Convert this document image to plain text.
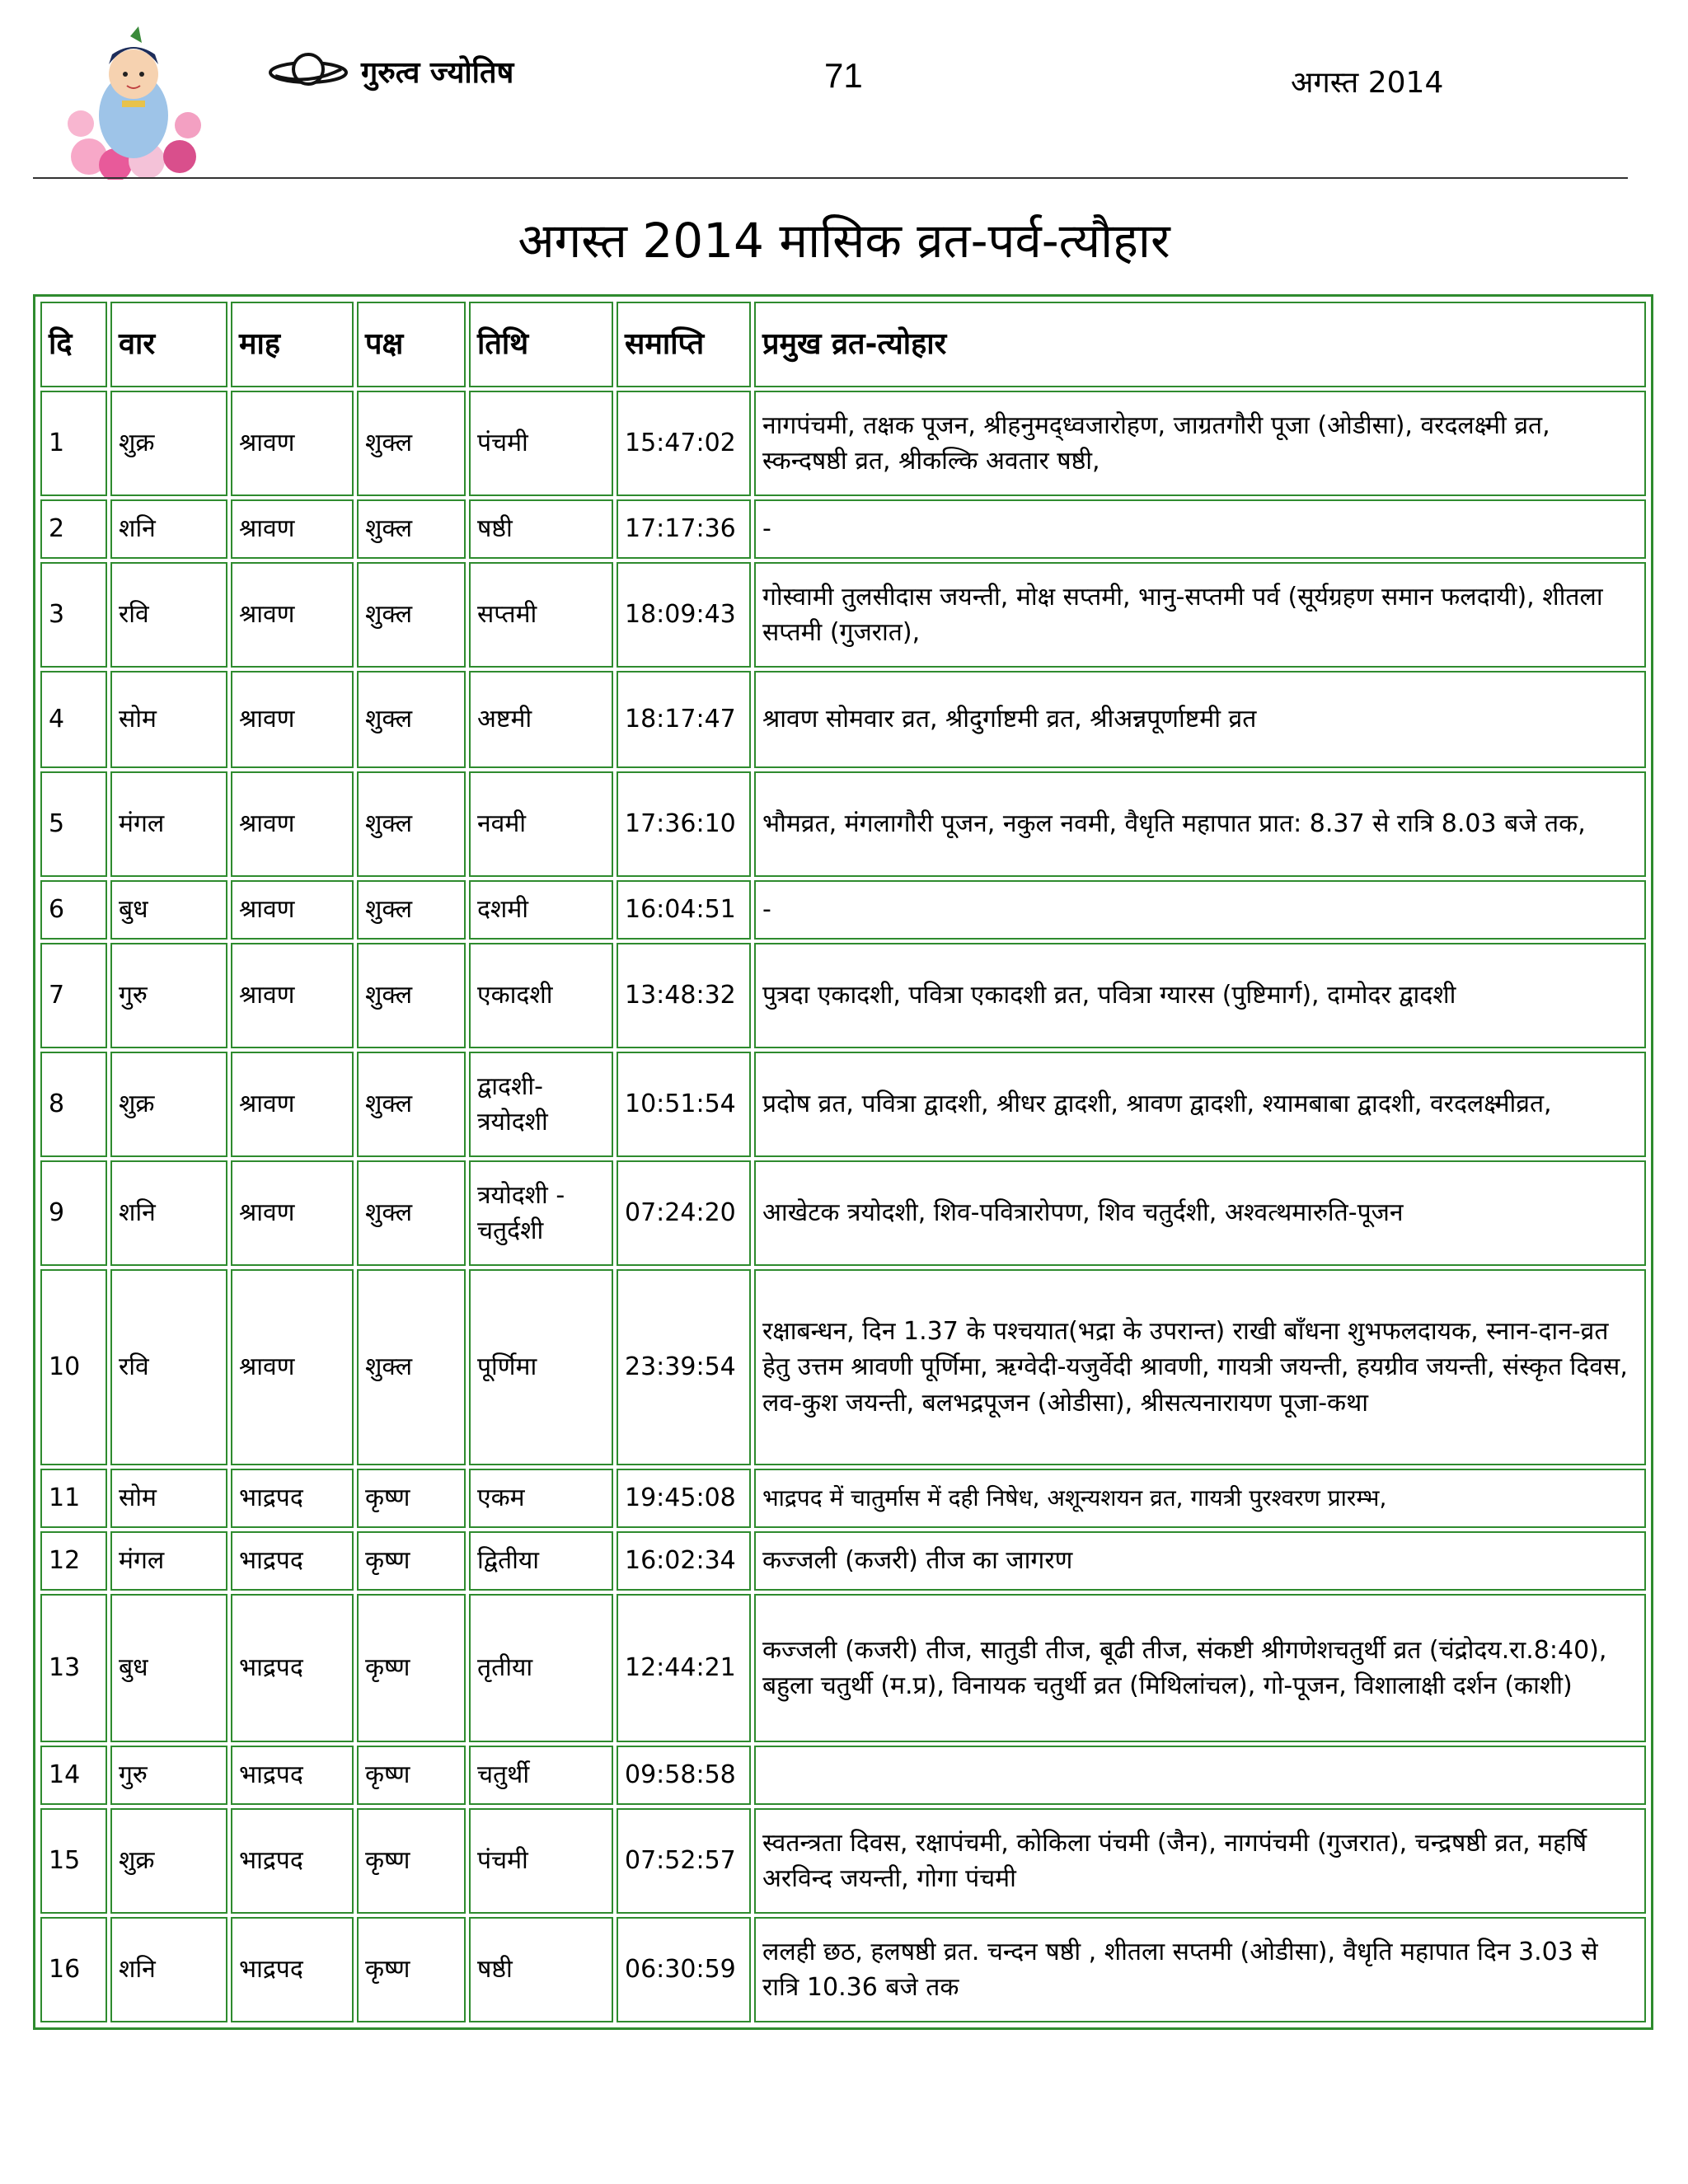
गुरुत्व ज्योतिष	71	अगस्त 2014
अगस्त 2014 मासिक व्रत-पर्व-त्यौहार
दि	वार	माह	पक्ष	तिथि	समाप्ति	प्रमुख व्रत-त्योहार
1	शुक्र	श्रावण	शुक्ल	पंचमी	15:47:02	नागपंचमी, तक्षक पूजन, श्रीहनुमद्ध्वजारोहण, जाग्रतगौरी पूजा (ओडीसा), वरदलक्ष्मी व्रत, स्कन्दषष्ठी व्रत, श्रीकल्कि अवतार षष्ठी,
2	शनि	श्रावण	शुक्ल	षष्ठी	17:17:36	-
3	रवि	श्रावण	शुक्ल	सप्तमी	18:09:43	गोस्वामी तुलसीदास जयन्ती, मोक्ष सप्तमी, भानु-सप्तमी पर्व (सूर्यग्रहण समान फलदायी), शीतला सप्तमी (गुजरात),
4	सोम	श्रावण	शुक्ल	अष्टमी	18:17:47	श्रावण सोमवार व्रत, श्रीदुर्गाष्टमी व्रत, श्रीअन्नपूर्णाष्टमी व्रत
5	मंगल	श्रावण	शुक्ल	नवमी	17:36:10	भौमव्रत, मंगलागौरी पूजन, नकुल नवमी, वैधृति महापात प्रात: 8.37 से रात्रि 8.03 बजे तक,
6	बुध	श्रावण	शुक्ल	दशमी	16:04:51	-
7	गुरु	श्रावण	शुक्ल	एकादशी	13:48:32	पुत्रदा एकादशी, पवित्रा एकादशी व्रत, पवित्रा ग्यारस (पुष्टिमार्ग), दामोदर द्वादशी
8	शुक्र	श्रावण	शुक्ल	द्वादशी-त्रयोदशी	10:51:54	प्रदोष व्रत, पवित्रा द्वादशी, श्रीधर द्वादशी, श्रावण द्वादशी, श्यामबाबा द्वादशी, वरदलक्ष्मीव्रत,
9	शनि	श्रावण	शुक्ल	त्रयोदशी - चतुर्दशी	07:24:20	आखेटक त्रयोदशी, शिव-पवित्रारोपण, शिव चतुर्दशी, अश्वत्थमारुति-पूजन
10	रवि	श्रावण	शुक्ल	पूर्णिमा	23:39:54	रक्षाबन्धन, दिन 1.37 के पश्चयात(भद्रा के उपरान्त) राखी बाँधना शुभफलदायक, स्नान-दान-व्रत हेतु उत्तम श्रावणी पूर्णिमा, ऋग्वेदी-यजुर्वेदी श्रावणी, गायत्री जयन्ती, हयग्रीव जयन्ती, संस्कृत दिवस, लव-कुश जयन्ती, बलभद्रपूजन (ओडीसा), श्रीसत्यनारायण पूजा-कथा
11	सोम	भाद्रपद	कृष्ण	एकम	19:45:08	भाद्रपद में चातुर्मास में दही निषेध, अशून्यशयन व्रत, गायत्री पुरश्वरण प्रारम्भ,
12	मंगल	भाद्रपद	कृष्ण	द्वितीया	16:02:34	कज्जली (कजरी) तीज का जागरण
13	बुध	भाद्रपद	कृष्ण	तृतीया	12:44:21	कज्जली (कजरी) तीज, सातुडी तीज, बूढी तीज, संकष्टी श्रीगणेशचतुर्थी व्रत (चंद्रोदय.रा.8:40), बहुला चतुर्थी (म.प्र), विनायक चतुर्थी व्रत (मिथिलांचल), गो-पूजन, विशालाक्षी दर्शन (काशी)
14	गुरु	भाद्रपद	कृष्ण	चतुर्थी	09:58:58	
15	शुक्र	भाद्रपद	कृष्ण	पंचमी	07:52:57	स्वतन्त्रता दिवस, रक्षापंचमी, कोकिला पंचमी (जैन), नागपंचमी (गुजरात), चन्द्रषष्ठी व्रत, महर्षि अरविन्द जयन्ती, गोगा पंचमी
16	शनि	भाद्रपद	कृष्ण	षष्ठी	06:30:59	ललही छठ, हलषष्ठी व्रत. चन्दन षष्ठी , शीतला सप्तमी (ओडीसा), वैधृति महापात दिन 3.03 से रात्रि 10.36 बजे तक
